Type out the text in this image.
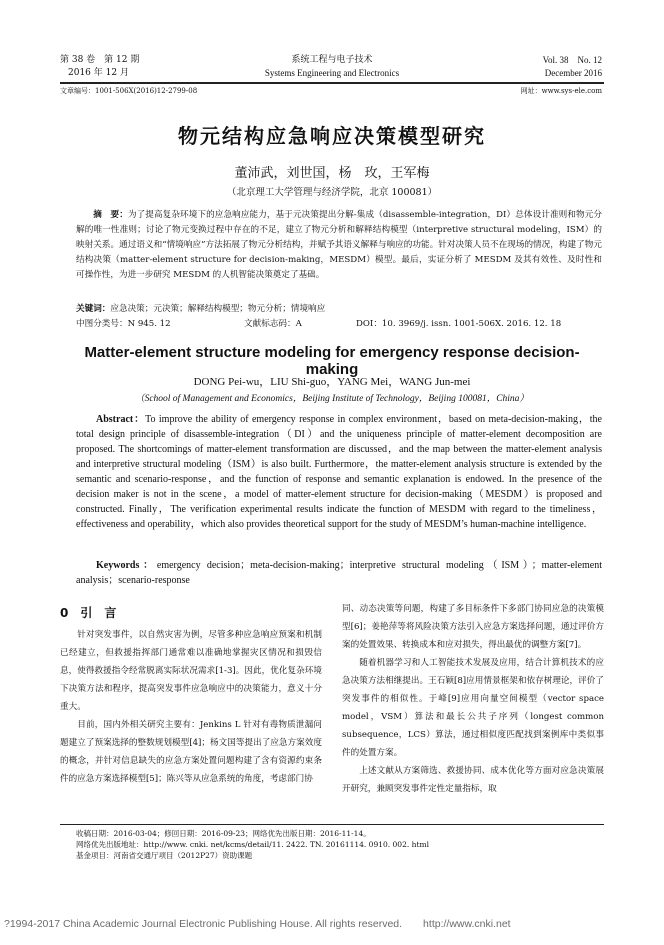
第 38 卷　第 12 期
2016 年 12 月
系统工程与电子技术
Systems Engineering and Electronics
Vol. 38　No. 12
December 2016
文章编号：1001-506X(2016)12-2799-08	网址：www.sys-ele.com
物元结构应急响应决策模型研究
董沛武，刘世国，杨　玫，王军梅
（北京理工大学管理与经济学院，北京 100081）
摘　要：为了提高复杂环境下的应急响应能力，基于元决策提出分解-集成（disassemble-integration，DI）总体设计准则和物元分解的唯一性准则；讨论了物元变换过程中存在的不足，建立了物元分析和解释结构模型（interpretive structural modeling，ISM）的映射关系。通过语义和“情境响应”方法拓展了物元分析结构，并赋予其语义解释与响应的功能。针对决策人员不在现场的情况，构建了物元结构决策（matter-element structure for decision-making，MESDM）模型。最后，实证分析了 MESDM 及其有效性、及时性和可操作性，为进一步研究 MESDM 的人机智能决策奠定了基础。
关键词：应急决策；元决策；解释结构模型；物元分析；情境响应
中图分类号：N 945. 12	文献标志码：A	DOI：10. 3969/j. issn. 1001-506X. 2016. 12. 18
Matter-element structure modeling for emergency response decision-making
DONG Pei-wu，LIU Shi-guo，YANG Mei，WANG Jun-mei
（School of Management and Economics，Beijing Institute of Technology，Beijing 100081，China）
Abstract：To improve the ability of emergency response in complex environment，based on meta-decision-making，the total design principle of disassemble-integration（DI）and the uniqueness principle of matter-element decomposition are proposed. The shortcomings of matter-element transformation are discussed，and the map between the matter-element analysis and interpretive structural modeling（ISM）is also built. Furthermore，the matter-element analysis structure is extended by the semantic and scenario-response，and the function of response and semantic explanation is endowed. In the presence of the decision maker is not in the scene，a model of matter-element structure for decision-making（MESDM）is proposed and constructed. Finally，The verification experimental results indicate the function of MESDM with regard to the timeliness，effectiveness and operability，which also provides theoretical support for the study of MESDM’s human-machine intelligence.
Keywords：emergency decision；meta-decision-making；interpretive structural modeling（ISM）；matter-element analysis；scenario-response
0　引　言
针对突发事件，以自然灾害为例，尽管多种应急响应预案和机制已经建立，但救援指挥部门通常难以准确地掌握灾区情况和损毁信息，使得救援指令经常脱离实际状况需求[1-3]。因此，优化复杂环境下决策方法和程序，提高突发事件应急响应中的决策能力，意义十分重大。
目前，国内外相关研究主要有：Jenkins L 针对有毒物质泄漏问题建立了预案选择的整数规划模型[4]；杨文国等提出了应急方案效度的概念，并针对信息缺失的应急方案处置问题构建了含有资源约束条件的应急方案选择模型[5]；陈兴等从应急系统的角度，考虑部门协
同、动态决策等问题，构建了多目标条件下多部门协同应急的决策模型[6]；姜艳萍等将风险决策方法引入应急方案选择问题，通过评价方案的处置效果、转换成本和应对损失，得出最优的调整方案[7]。
随着机器学习和人工智能技术发展及应用，结合计算机技术的应急决策方法相继提出。王石颖[8]应用情景框架和依存树理论，评价了突发事件的相似性。于峰[9]应用向量空间模型（vector space model，VSM）算法和最长公共子序列（longest common subsequence，LCS）算法，通过相似度匹配找到案例库中类似事件的处置方案。
上述文献从方案筛选、救援协同、成本优化等方面对应急决策展开研究，兼顾突发事件定性定量指标，取
收稿日期：2016-03-04；修回日期：2016-09-23；网络优先出版日期：2016-11-14。
网络优先出版地址：http://www. cnki. net/kcms/detail/11. 2422. TN. 20161114. 0910. 002. html
基金项目：河南省交通厅项目（2012P27）资助课题
?1994-2017 China Academic Journal Electronic Publishing House. All rights reserved.　　http://www.cnki.net
